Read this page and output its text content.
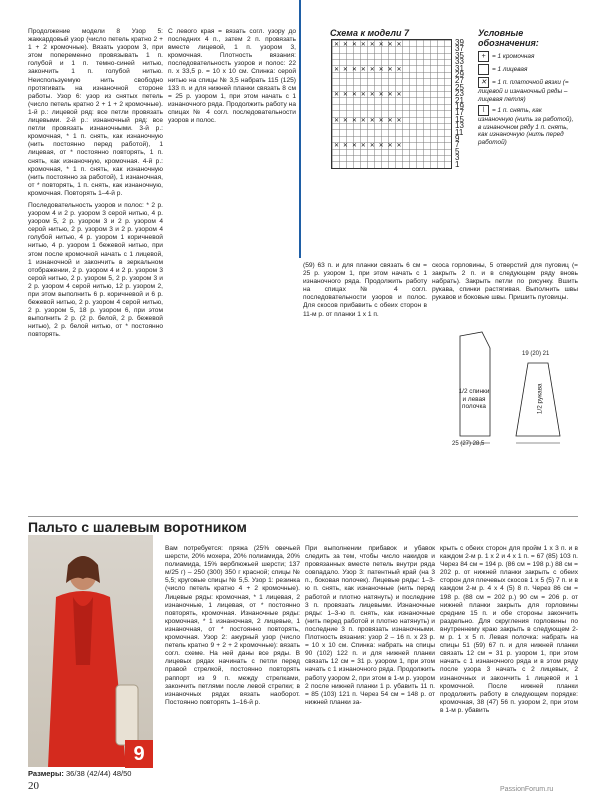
Продолжение модели 8 Узор 5: жаккардовый узор (число петель кратно 2 + 1 + 2 кромочные). Вязать узором 3, при этом попеременно провязывать 1 п. голубой и 1 п. темно-синей нитью, закончить 1 п. голубой нитью. Неиспользуемую нить свободно протягивать на изнаночной стороне работы. Узор 6: узор из снятых петель (число петель кратно 2 + 1 + 2 кромочные). 1-й р.: лицевой ряд: все петли провязать лицевыми. 2-й р.: изнаночный ряд: все петли провязать изнаночными. 3-й р.: кромочная, * 1 п. снять, как изнаночную (нить постоянно перед работой), 1 лицевая, от * постоянно повторять, 1 п. снять, как изнаночную, кромочная. 4-й р.: кромочная, * 1 п. снять, как изнаночную (нить постоянно за работой), 1 изнаночная, от * повторять, 1 п. снять, как изнаночную, кромочная. Повторять 1–4-й р.

Последовательность узоров и полос: * 2 р. узором 4 и 2 р. узором 3 серой нитью, 4 р. узором 5, 2 р. узором 3 и 2 р. узором 4 серой нитью, 2 р. узором 3 и 2 р. узором 4 голубой нитью, 4 р. узором 1 коричневой нитью, 4 р. узором 1 бежевой нитью, при этом после кромочной начать с 1 лицевой, 1 изнаночной и закончить в зеркальном отображении, 2 р. узором 4 и 2 р. узором 3 серой нитью, 2 р. узором 5, 2 р. узором 3 и 2 р. узором 4 серой нитью, 12 р. узором 2, при этом выполнить 6 р. коричневой и 6 р. бежевой нитью, 2 р. узором 4 серой нитью, 2 р. узором 5, 18 р. узором 6, при этом выполнить 2 р. (2 р. белой, 2 р. бежевой нитью), 2 р. белой нитью, от * постоянно повторять.

С левого края = вязать согл. узору до последних 4 п., затем 2 п. провязать вместе лицевой, 1 п. узором 3, кромочная. Плотность вязания: последовательность узоров и полос: 22 п. х 33,5 р. = 10 х 10 см. Спинка: серой нитью на спицы № 3,5 набрать 115 (125) 133 п. и для нижней планки связать 8 см = 25 р. узором 1, при этом начать с 1 изнаночного ряда. Продолжить работу на спицах № 4 согл. последовательности узоров и полос.

Схема к модели 7
✕ ✕ ✕ ✕ ✕ ✕ ✕ ✕
✕ ✕ ✕ ✕ ✕ ✕ ✕ ✕
✕ ✕ ✕ ✕ ✕ ✕ ✕ ✕
✕ ✕ ✕ ✕ ✕ ✕ ✕ ✕
✕ ✕ ✕ ✕ ✕ ✕ ✕ ✕
39
37
35
33
31
29
27
25
23
21
19
17
15
13
11
9
7
5
3
1
Условные обозначения:
+ = 1 кромочная
= 1 лицевая
✕ = 1 п. платочной вязки (= лицевой и изнаночный ряды – лицевая петля)
\ = 1 п. снять, как изнаночную (нить за работой), в изнаночном ряду 1 п. снять, как изнаночную (нить перед работой)

(59) 63 п. и для планки связать 6 см = 25 р. узором 1, при этом начать с 1 изнаночного ряда. Продолжить работу на спицах № 4 согл. последовательности узоров и полос. Для скосов прибавить с обеих сторон в 11-м р. от планки 1 х 1 п.

скоса горловины, 5 отверстий для пуговиц (= закрыть 2 п. и в следующем ряду вновь набрать). Закрыть петли по рисунку. Вшить рукава, спинки растягивая. Выполнить швы рукавов и боковые швы. Пришить пуговицы.

1/2 спинки и левая полочка	1/2 рукава
25 (27) 28,5
19 (20) 21
Пальто с шалевым воротником
9
Размеры: 36/38 (42/44) 48/50

Вам потребуется: пряжа (25% овечьей шерсти, 20% мохера, 20% полиамида, 20% полиамида, 15% верблюжьей шерсти; 137 м/25 г) – 250 (300) 350 г красной; спицы № 5,5; круговые спицы № 5,5. Узор 1: резинка (число петель кратно 4 + 2 кромочные). Лицевые ряды: кромочная, * 1 лицевая, 2 изнаночные, 1 лицевая, от * постоянно повторять, кромочная. Изнаночные ряды: кромочная, * 1 изнаночная, 2 лицевые, 1 изнаночная, от * постоянно повторять, кромочная. Узор 2: ажурный узор (число петель кратно 9 + 2 + 2 кромочные): вязать согл. схеме. На ней даны все ряды. В лицевых рядах начинать с петли перед правой стрелкой, постоянно повторять раппорт из 9 п. между стрелками, закончить петлями после левой стрелки; в изнаночных рядах вязать наоборот. Постоянно повторять 1–16-й р.

При выполнении прибавок и убавок следить за тем, чтобы число накидов и провязанных вместе петель внутри ряда совпадало. Узор 3: патентный край (на 3 п., боковая полочек). Лицевые ряды: 1–3-ю п. снять, как изнаночные (нить перед работой и плотно натянуть) и последние 3 п. провязать лицевыми. Изнаночные ряды: 1–3-ю п. снять, как изнаночные (нить перед работой и плотно натянуть) и последние 3 п. провязать изнаночными. Плотность вязания: узор 2 – 16 п. х 23 р. = 10 х 10 см. Спинка: набрать на спицы 90 (102) 122 п. и для нижней планки связать 12 см = 31 р. узором 1, при этом начать с 1 изнаночного ряда. Продолжить работу узором 2, при этом в 1-м р. узором 2 после нижней планки 1 р. убавить 11 п. = 85 (103) 121 п. Через 54 см = 148 р. от нижней планки за-

крыть с обеих сторон для пройм 1 х 3 п. и в каждом 2-м р. 1 х 2 и 4 х 1 п. = 67 (85) 103 п. Через 84 см = 194 р. (86 см = 198 р.) 88 см = 202 р. от нижней планки закрыть с обеих сторон для плечевых скосов 1 х 5 (5) 7 п. и в каждом 2-м р. 4 х 4 (5) 8 п. Через 86 см = 198 р. (88 см = 202 р.) 90 см = 206 р. от нижней планки закрыть для горловины средние 15 п. и обе стороны закончить раздельно. Для скругления горловины по внутреннему краю закрыть в следующем 2-м р. 1 х 5 п. Левая полочка: набрать на спицы 51 (59) 67 п. и для нижней планки связать 12 см = 31 р. узором 1, при этом начать с 1 изнаночного ряда и в этом ряду после узора 3 начать с 2 лицевых, 2 изнаночных и закончить 1 лицевой и 1 кромочной. После нижней планки продолжить работу в следующем порядке: кромочная, 38 (47) 56 п. узором 2, при этом в 1-м р. убавить

20	PassionForum.ru
